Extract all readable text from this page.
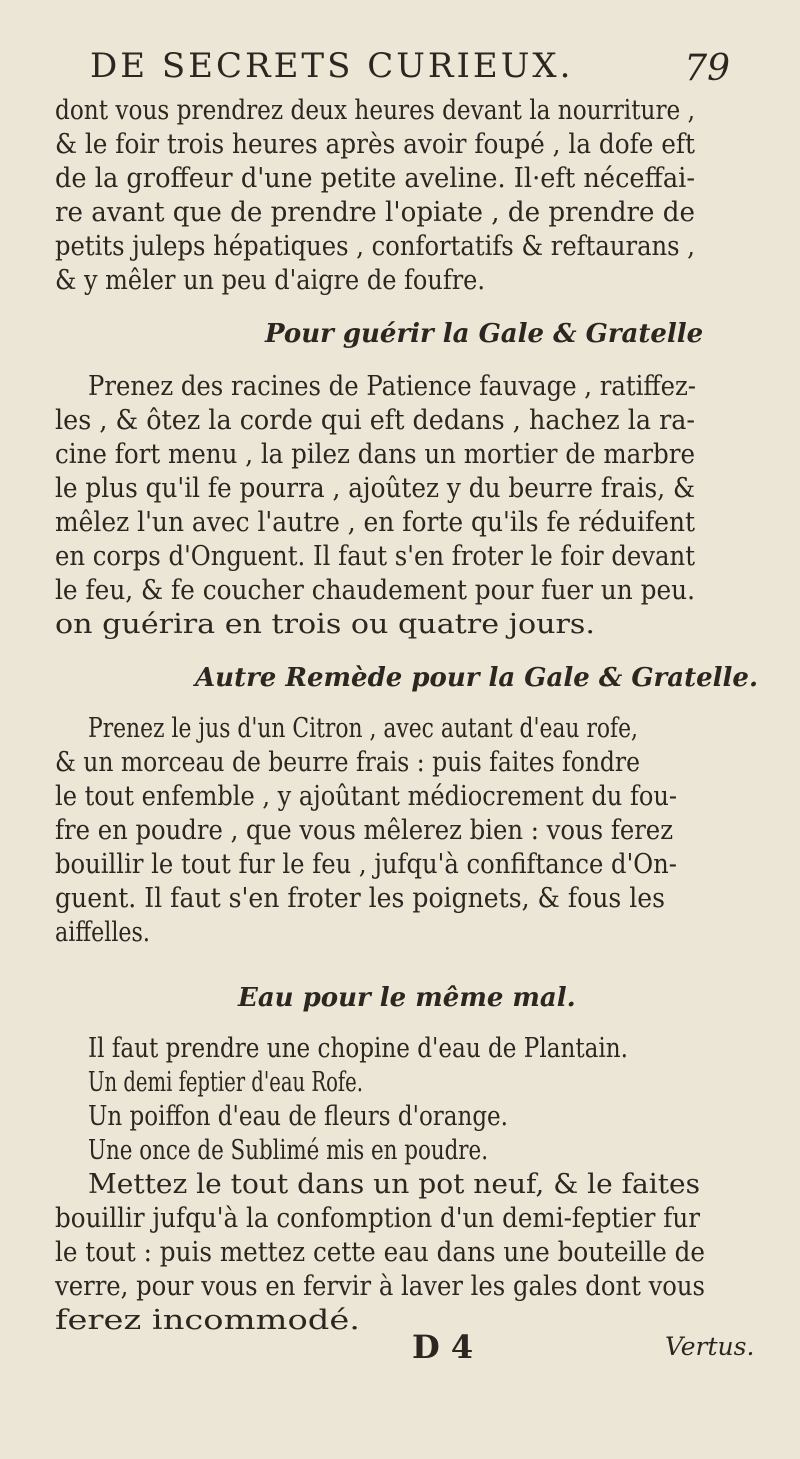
DE SECRETS CURIEUX.	79
dont vous prendrez deux heures devant la nourriture ,
& le foir trois heures après avoir foupé , la dofe eft
de la groffeur d'une petite aveline. Il·eft néceffai-
re avant que de prendre l'opiate , de prendre de
petits juleps hépatiques , confortatifs & reftaurans ,
& y mêler un peu d'aigre de foufre.
Pour guérir la Gale & Gratelle
Prenez des racines de Patience fauvage , ratiffez-
les , & ôtez la corde qui eft dedans , hachez la ra-
cine fort menu , la pilez dans un mortier de marbre
le plus qu'il fe pourra , ajoûtez y du beurre frais, &
mêlez l'un avec l'autre , en forte qu'ils fe réduifent
en corps d'Onguent. Il faut s'en froter le foir devant
le feu, & fe coucher chaudement pour fuer un peu.
on guérira en trois ou quatre jours.
Autre Remède pour la Gale & Gratelle.
Prenez le jus d'un Citron , avec autant d'eau rofe,
& un morceau de beurre frais : puis faites fondre
le tout enfemble , y ajoûtant médiocrement du fou-
fre en poudre , que vous mêlerez bien : vous ferez
bouillir le tout fur le feu , jufqu'à confiftance d'On-
guent. Il faut s'en froter les poignets, & fous les
aiffelles.
Eau pour le même mal.
Il faut prendre une chopine d'eau de Plantain.
Un demi feptier d'eau Rofe.
Un poiffon d'eau de fleurs d'orange.
Une once de Sublimé mis en poudre.
Mettez le tout dans un pot neuf, & le faites
bouillir jufqu'à la confomption d'un demi-feptier fur
le tout : puis mettez cette eau dans une bouteille de
verre, pour vous en fervir à laver les gales dont vous
ferez incommodé.
D 4	Vertus.
